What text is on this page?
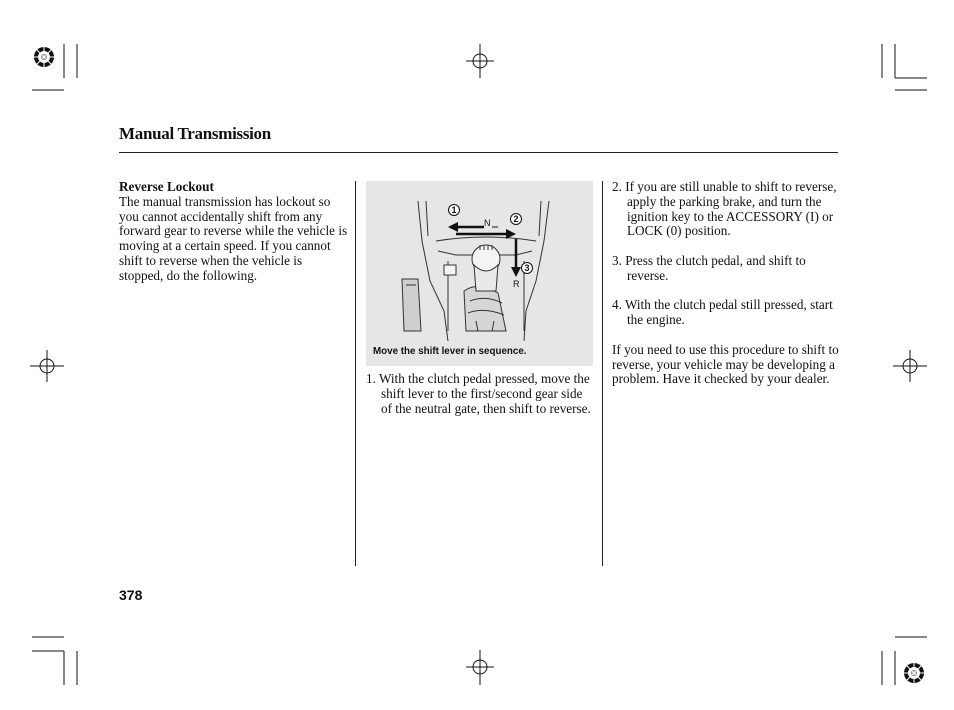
Manual Transmission
Reverse Lockout

The manual transmission has lockout so you cannot accidentally shift from any forward gear to reverse while the vehicle is moving at a certain speed. If you cannot shift to reverse when the vehicle is stopped, do the following.

1
2
3
N
R
Move the shift lever in sequence.

1. With the clutch pedal pressed, move the shift lever to the first/second gear side of the neutral gate, then shift to reverse.

2. If you are still unable to shift to reverse, apply the parking brake, and turn the ignition key to the ACCESSORY (I) or LOCK (0) position.

3. Press the clutch pedal, and shift to reverse.

4. With the clutch pedal still pressed, start the engine.

If you need to use this procedure to shift to reverse, your vehicle may be developing a problem. Have it checked by your dealer.

378
